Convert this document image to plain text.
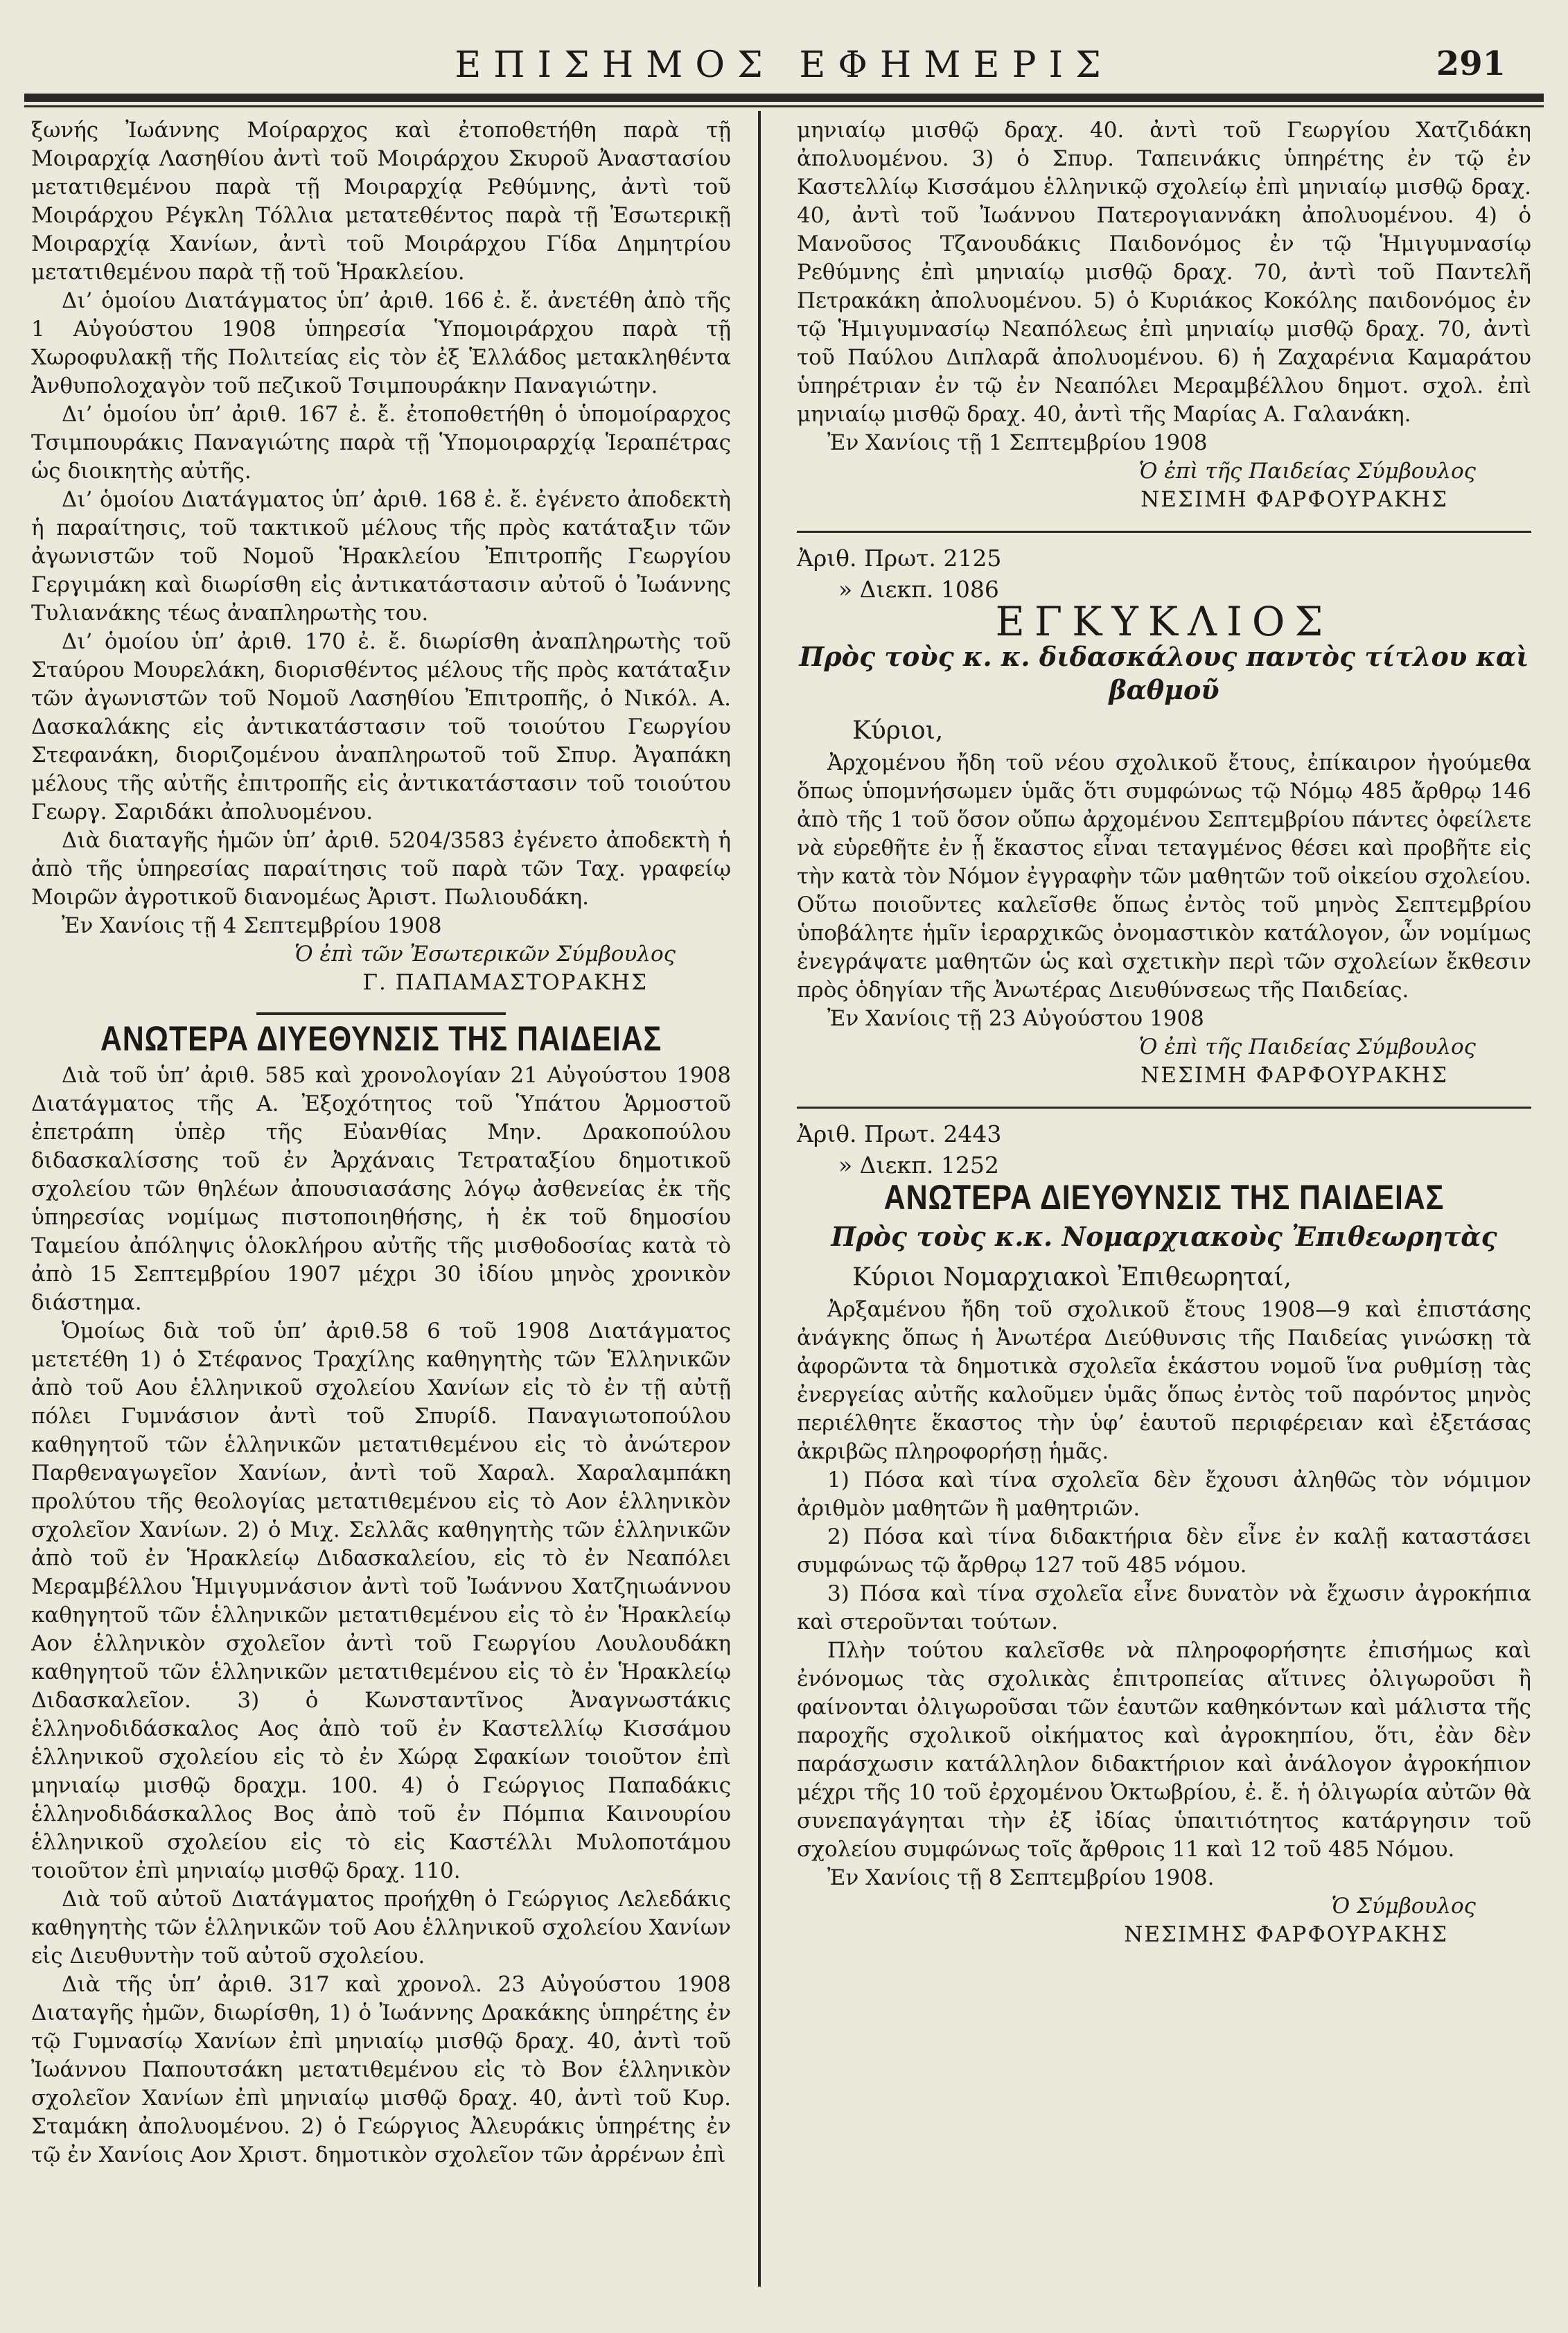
ΕΠΙΣΗΜΟΣ ΕΦΗΜΕΡΙΣ	291

ξωνής Ἰωάννης Μοίραρχος καὶ ἐτοποθετήθη παρὰ τῇ Μοιραρχίᾳ Λασηθίου ἀντὶ τοῦ Μοιράρχου Σκυροῦ Ἀναστασίου μετατιθεμένου παρὰ τῇ Μοιραρχίᾳ Ρεθύμνης, ἀντὶ τοῦ Μοιράρχου Ρέγκλη Τόλλια μετατεθέντος παρὰ τῇ Ἐσωτερικῇ Μοιραρχίᾳ Χανίων, ἀντὶ τοῦ Μοιράρχου Γίδα Δημητρίου μετατιθεμένου παρὰ τῇ τοῦ Ἡρακλείου.

Δι’ ὁμοίου Διατάγματος ὑπ’ ἀριθ. 166 ἐ. ἔ. ἀνετέθη ἀπὸ τῆς 1 Αὐγούστου 1908 ὑπηρεσία Ὑπομοιράρχου παρὰ τῇ Χωροφυλακῇ τῆς Πολιτείας εἰς τὸν ἐξ Ἑλλάδος μετακληθέντα Ἀνθυπολοχαγὸν τοῦ πεζικοῦ Τσιμπουράκην Παναγιώτην.

Δι’ ὁμοίου ὑπ’ ἀριθ. 167 ἐ. ἔ. ἐτοποθετήθη ὁ ὑπομοίραρχος Τσιμπουράκις Παναγιώτης παρὰ τῇ Ὑπομοιραρχίᾳ Ἱεραπέτρας ὡς διοικητὴς αὐτῆς.

Δι’ ὁμοίου Διατάγματος ὑπ’ ἀριθ. 168 ἐ. ἔ. ἐγένετο ἀποδεκτὴ ἡ παραίτησις, τοῦ τακτικοῦ μέλους τῆς πρὸς κατάταξιν τῶν ἀγωνιστῶν τοῦ Νομοῦ Ἡρακλείου Ἐπιτροπῆς Γεωργίου Γεργιμάκη καὶ διωρίσθη εἰς ἀντικατάστασιν αὐτοῦ ὁ Ἰωάννης Τυλιανάκης τέως ἀναπληρωτὴς του.

Δι’ ὁμοίου ὑπ’ ἀριθ. 170 ἐ. ἔ. διωρίσθη ἀναπληρωτὴς τοῦ Σταύρου Μουρελάκη, διορισθέντος μέλους τῆς πρὸς κατάταξιν τῶν ἀγωνιστῶν τοῦ Νομοῦ Λασηθίου Ἐπιτροπῆς, ὁ Νικόλ. Α. Δασκαλάκης εἰς ἀντικατάστασιν τοῦ τοιούτου Γεωργίου Στεφανάκη, διοριζομένου ἀναπληρωτοῦ τοῦ Σπυρ. Ἀγαπάκη μέλους τῆς αὐτῆς ἐπιτροπῆς εἰς ἀντικατάστασιν τοῦ τοιούτου Γεωργ. Σαριδάκι ἀπολυομένου.

Διὰ διαταγῆς ἡμῶν ὑπ’ ἀριθ. 5204/3583 ἐγένετο ἀποδεκτὴ ἡ ἀπὸ τῆς ὑπηρεσίας παραίτησις τοῦ παρὰ τῶν Ταχ. γραφείῳ Μοιρῶν ἀγροτικοῦ διανομέως Ἀριστ. Πωλιουδάκη.

Ἐν Χανίοις τῇ 4 Σεπτεμβρίου 1908

Ὁ ἐπὶ τῶν Ἐσωτερικῶν Σύμβουλος

Γ. ΠΑΠΑΜΑΣΤΟΡΑΚΗΣ

ΑΝΩΤΕΡΑ ΔΙΥΕΘΥΝΣΙΣ ΤΗΣ ΠΑΙΔΕΙΑΣ

Διὰ τοῦ ὑπ’ ἀριθ. 585 καὶ χρονολογίαν 21 Αὐγούστου 1908 Διατάγματος τῆς Α. Ἐξοχότητος τοῦ Ὑπάτου Ἁρμοστοῦ ἐπετράπη ὑπὲρ τῆς Εὐανθίας Μην. Δρακοπούλου διδασκαλίσσης τοῦ ἐν Ἀρχάναις Τετραταξίου δημοτικοῦ σχολείου τῶν θηλέων ἀπουσιασάσης λόγῳ ἀσθενείας ἐκ τῆς ὑπηρεσίας νομίμως πιστοποιηθήσης, ἡ ἐκ τοῦ δημοσίου Ταμείου ἀπόληψις ὁλοκλήρου αὐτῆς τῆς μισθοδοσίας κατὰ τὸ ἀπὸ 15 Σεπτεμβρίου 1907 μέχρι 30 ἰδίου μηνὸς χρονικὸν διάστημα.

Ὁμοίως διὰ τοῦ ὑπ’ ἀριθ.58 6 τοῦ 1908 Διατάγματος μετετέθη 1) ὁ Στέφανος Τραχίλης καθηγητὴς τῶν Ἑλληνικῶν ἀπὸ τοῦ Αου ἑλληνικοῦ σχολείου Χανίων εἰς τὸ ἐν τῇ αὐτῇ πόλει Γυμνάσιον ἀντὶ τοῦ Σπυρίδ. Παναγιωτοπούλου καθηγητοῦ τῶν ἑλληνικῶν μετατιθεμένου εἰς τὸ ἀνώτερον Παρθεναγωγεῖον Χανίων, ἀντὶ τοῦ Χαραλ. Χαραλαμπάκη προλύτου τῆς θεολογίας μετατιθεμένου εἰς τὸ Αον ἑλληνικὸν σχολεῖον Χανίων. 2) ὁ Μιχ. Σελλᾶς καθηγητὴς τῶν ἑλληνικῶν ἀπὸ τοῦ ἐν Ἡρακλείῳ Διδασκαλείου, εἰς τὸ ἐν Νεαπόλει Μεραμβέλλου Ἡμιγυμνάσιον ἀντὶ τοῦ Ἰωάννου Χατζηιωάννου καθηγητοῦ τῶν ἑλληνικῶν μετατιθεμένου εἰς τὸ ἐν Ἡρακλείῳ Αον ἑλληνικὸν σχολεῖον ἀντὶ τοῦ Γεωργίου Λουλουδάκη καθηγητοῦ τῶν ἑλληνικῶν μετατιθεμένου εἰς τὸ ἐν Ἡρακλείῳ Διδασκαλεῖον. 3) ὁ Κωνσταντῖνος Ἀναγνωστάκις ἑλληνοδιδάσκαλος Αος ἀπὸ τοῦ ἐν Καστελλίῳ Κισσάμου ἑλληνικοῦ σχολείου εἰς τὸ ἐν Χώρᾳ Σφακίων τοιοῦτον ἐπὶ μηνιαίῳ μισθῷ δραχμ. 100. 4) ὁ Γεώργιος Παπαδάκις ἑλληνοδιδάσκαλλος Βος ἀπὸ τοῦ ἐν Πόμπια Καινουρίου ἑλληνικοῦ σχολείου εἰς τὸ εἰς Καστέλλι Μυλοποτάμου τοιοῦτον ἐπὶ μηνιαίῳ μισθῷ δραχ. 110.

Διὰ τοῦ αὐτοῦ Διατάγματος προήχθη ὁ Γεώργιος Λελεδάκις καθηγητὴς τῶν ἑλληνικῶν τοῦ Αου ἑλληνικοῦ σχολείου Χανίων εἰς Διευθυντὴν τοῦ αὐτοῦ σχολείου.

Διὰ τῆς ὑπ’ ἀριθ. 317 καὶ χρονολ. 23 Αὐγούστου 1908 Διαταγῆς ἡμῶν, διωρίσθη, 1) ὁ Ἰωάννης Δρακάκης ὑπηρέτης ἐν τῷ Γυμνασίῳ Χανίων ἐπὶ μηνιαίῳ μισθῷ δραχ. 40, ἀντὶ τοῦ Ἰωάννου Παπουτσάκη μετατιθεμένου εἰς τὸ Βον ἑλληνικὸν σχολεῖον Χανίων ἐπὶ μηνιαίῳ μισθῷ δραχ. 40, ἀντὶ τοῦ Κυρ. Σταμάκη ἀπολυομένου. 2) ὁ Γεώργιος Ἀλευράκις ὑπηρέτης ἐν τῷ ἐν Χανίοις Αον Χριστ. δημοτικὸν σχολεῖον τῶν ἀρρένων ἐπὶ

μηνιαίῳ μισθῷ δραχ. 40. ἀντὶ τοῦ Γεωργίου Χατζιδάκη ἀπολυομένου. 3) ὁ Σπυρ. Ταπεινάκις ὑπηρέτης ἐν τῷ ἐν Καστελλίῳ Κισσάμου ἑλληνικῷ σχολείῳ ἐπὶ μηνιαίῳ μισθῷ δραχ. 40, ἀντὶ τοῦ Ἰωάννου Πατερογιαννάκη ἀπολυομένου. 4) ὁ Μανοῦσος Τζανουδάκις Παιδονόμος ἐν τῷ Ἡμιγυμνασίῳ Ρεθύμνης ἐπὶ μηνιαίῳ μισθῷ δραχ. 70, ἀντὶ τοῦ Παντελῆ Πετρακάκη ἀπολυομένου. 5) ὁ Κυριάκος Κοκόλης παιδονόμος ἐν τῷ Ἡμιγυμνασίῳ Νεαπόλεως ἐπὶ μηνιαίῳ μισθῷ δραχ. 70, ἀντὶ τοῦ Παύλου Διπλαρᾶ ἀπολυομένου. 6) ἡ Ζαχαρένια Καμαράτου ὑπηρέτριαν ἐν τῷ ἐν Νεαπόλει Μεραμβέλλου δημοτ. σχολ. ἐπὶ μηνιαίῳ μισθῷ δραχ. 40, ἀντὶ τῆς Μαρίας Α. Γαλανάκη.

Ἐν Χανίοις τῇ 1 Σεπτεμβρίου 1908

Ὁ ἐπὶ τῆς Παιδείας Σύμβουλος

ΝΕΣΙΜΗ ΦΑΡΦΟΥΡΑΚΗΣ

Ἀριθ. Πρωτ. 2125

» Διεκπ. 1086

ΕΓΚΥΚΛΙΟΣ

Πρὸς τοὺς κ. κ. διδασκάλους παντὸς τίτλου καὶ βαθμοῦ

Κύριοι,

Ἀρχομένου ἤδη τοῦ νέου σχολικοῦ ἔτους, ἐπίκαιρον ἡγούμεθα ὅπως ὑπομνήσωμεν ὑμᾶς ὅτι συμφώνως τῷ Νόμῳ 485 ἄρθρῳ 146 ἀπὸ τῆς 1 τοῦ ὅσον οὔπω ἀρχομένου Σεπτεμβρίου πάντες ὀφείλετε νὰ εὑρεθῆτε ἐν ᾗ ἕκαστος εἶναι τεταγμένος θέσει καὶ προβῆτε εἰς τὴν κατὰ τὸν Νόμον ἐγγραφὴν τῶν μαθητῶν τοῦ οἰκείου σχολείου. Οὕτω ποιοῦντες καλεῖσθε ὅπως ἐντὸς τοῦ μηνὸς Σεπτεμβρίου ὑποβάλητε ἡμῖν ἱεραρχικῶς ὀνομαστικὸν κατάλογον, ὧν νομίμως ἐνεγράψατε μαθητῶν ὡς καὶ σχετικὴν περὶ τῶν σχολείων ἔκθεσιν πρὸς ὁδηγίαν τῆς Ἀνωτέρας Διευθύνσεως τῆς Παιδείας.

Ἐν Χανίοις τῇ 23 Αὐγούστου 1908

Ὁ ἐπὶ τῆς Παιδείας Σύμβουλος

ΝΕΣΙΜΗ ΦΑΡΦΟΥΡΑΚΗΣ

Ἀριθ. Πρωτ. 2443

» Διεκπ. 1252

ΑΝΩΤΕΡΑ ΔΙΕΥΘΥΝΣΙΣ ΤΗΣ ΠΑΙΔΕΙΑΣ

Πρὸς τοὺς κ.κ. Νομαρχιακοὺς Ἐπιθεωρητὰς

Κύριοι Νομαρχιακοὶ Ἐπιθεωρηταί,

Ἀρξαμένου ἤδη τοῦ σχολικοῦ ἔτους 1908—9 καὶ ἐπιστάσης ἀνάγκης ὅπως ἡ Ἀνωτέρα Διεύθυνσις τῆς Παιδείας γινώσκῃ τὰ ἀφορῶντα τὰ δημοτικὰ σχολεῖα ἑκάστου νομοῦ ἵνα ρυθμίσῃ τὰς ἐνεργείας αὐτῆς καλοῦμεν ὑμᾶς ὅπως ἐντὸς τοῦ παρόντος μηνὸς περιέλθητε ἕκαστος τὴν ὑφ’ ἑαυτοῦ περιφέρειαν καὶ ἐξετάσας ἀκριβῶς πληροφορήσῃ ἡμᾶς.

1) Πόσα καὶ τίνα σχολεῖα δὲν ἔχουσι ἀληθῶς τὸν νόμιμον ἀριθμὸν μαθητῶν ἢ μαθητριῶν.

2) Πόσα καὶ τίνα διδακτήρια δὲν εἶνε ἐν καλῇ καταστάσει συμφώνως τῷ ἄρθρῳ 127 τοῦ 485 νόμου.

3) Πόσα καὶ τίνα σχολεῖα εἶνε δυνατὸν νὰ ἔχωσιν ἀγροκήπια καὶ στεροῦνται τούτων.

Πλὴν τούτου καλεῖσθε νὰ πληροφορήσητε ἐπισήμως καὶ ἐνόνομως τὰς σχολικὰς ἐπιτροπείας αἵτινες ὀλιγωροῦσι ἢ φαίνονται ὀλιγωροῦσαι τῶν ἑαυτῶν καθηκόντων καὶ μάλιστα τῆς παροχῆς σχολικοῦ οἰκήματος καὶ ἀγροκηπίου, ὅτι, ἐὰν δὲν παράσχωσιν κατάλληλον διδακτήριον καὶ ἀνάλογον ἀγροκήπιον μέχρι τῆς 10 τοῦ ἐρχομένου Ὀκτωβρίου, ἐ. ἔ. ἡ ὀλιγωρία αὐτῶν θὰ συνεπαγάγηται τὴν ἐξ ἰδίας ὑπαιτιότητος κατάργησιν τοῦ σχολείου συμφώνως τοῖς ἄρθροις 11 καὶ 12 τοῦ 485 Νόμου.

Ἐν Χανίοις τῇ 8 Σεπτεμβρίου 1908.

Ὁ Σύμβουλος

ΝΕΣΙΜΗΣ ΦΑΡΦΟΥΡΑΚΗΣ
